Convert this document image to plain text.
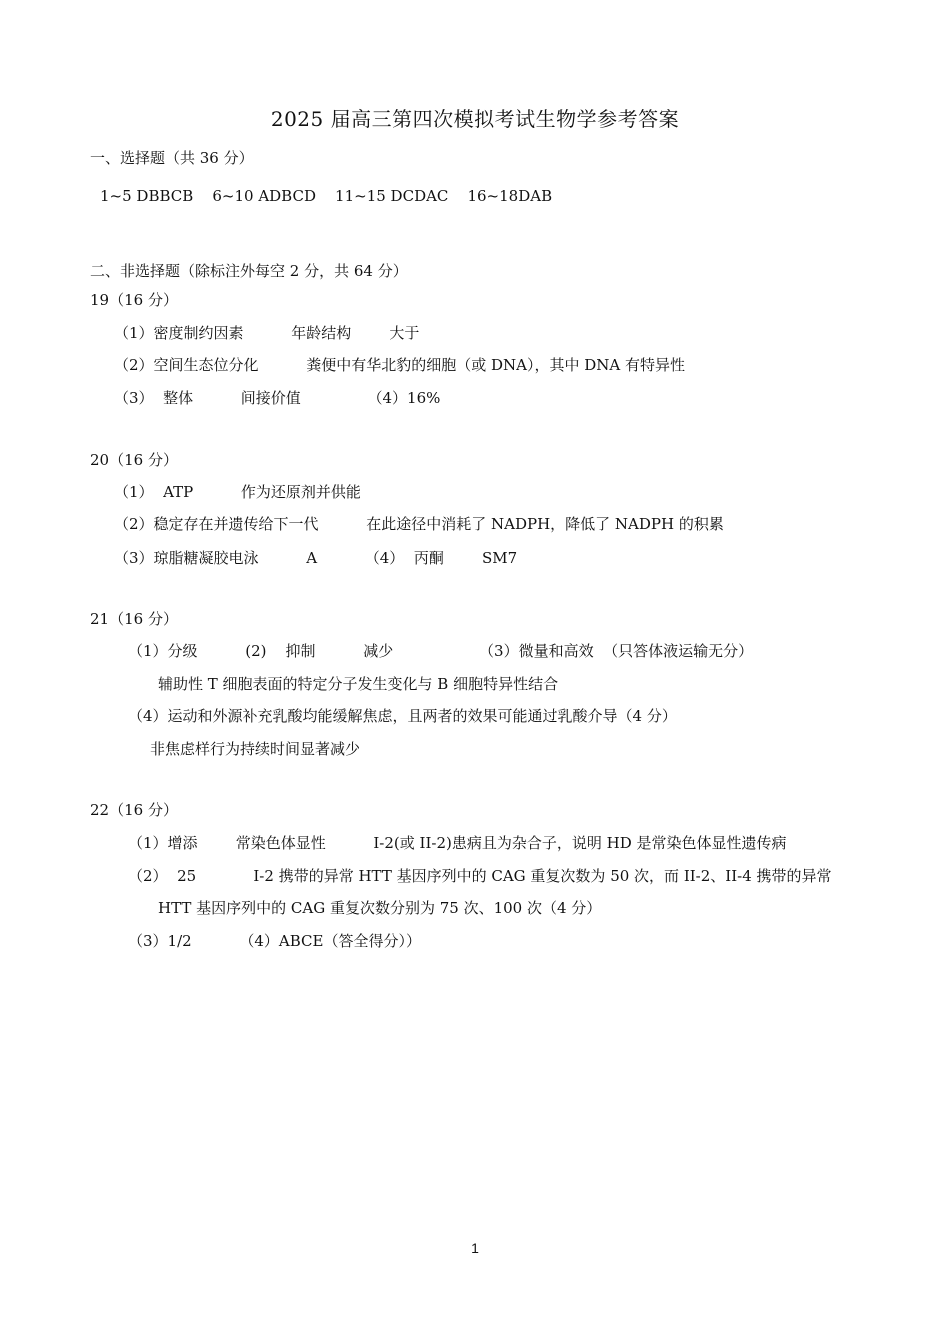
2025 届高三第四次模拟考试生物学参考答案
一、选择题（共 36 分）
1~5 DBBCB    6~10 ADBCD    11~15 DCDAC    16~18DAB
二、非选择题（除标注外每空 2 分，共 64 分）
19（16 分）
（1）密度制约因素          年龄结构        大于
（2）空间生态位分化          粪便中有华北豹的细胞（或 DNA），其中 DNA 有特异性
（3）  整体          间接价值              （4）16%
20（16 分）
（1）  ATP          作为还原剂并供能
（2）稳定存在并遗传给下一代          在此途径中消耗了 NADPH，降低了 NADPH 的积累
（3）琼脂糖凝胶电泳          A          （4）  丙酮        SM7
21（16 分）
（1）分级          (2)    抑制          减少                  （3）微量和高效  （只答体液运输无分）
辅助性 T 细胞表面的特定分子发生变化与 B 细胞特异性结合
（4）运动和外源补充乳酸均能缓解焦虑，且两者的效果可能通过乳酸介导（4 分）
非焦虑样行为持续时间显著减少
22（16 分）
（1）增添        常染色体显性          I-2(或 II-2)患病且为杂合子，说明 HD 是常染色体显性遗传病
（2）  25            I-2 携带的异常 HTT 基因序列中的 CAG 重复次数为 50 次，而 II-2、II-4 携带的异常
HTT 基因序列中的 CAG 重复次数分别为 75 次、100 次（4 分）
（3）1/2          （4）ABCE（答全得分））
1
